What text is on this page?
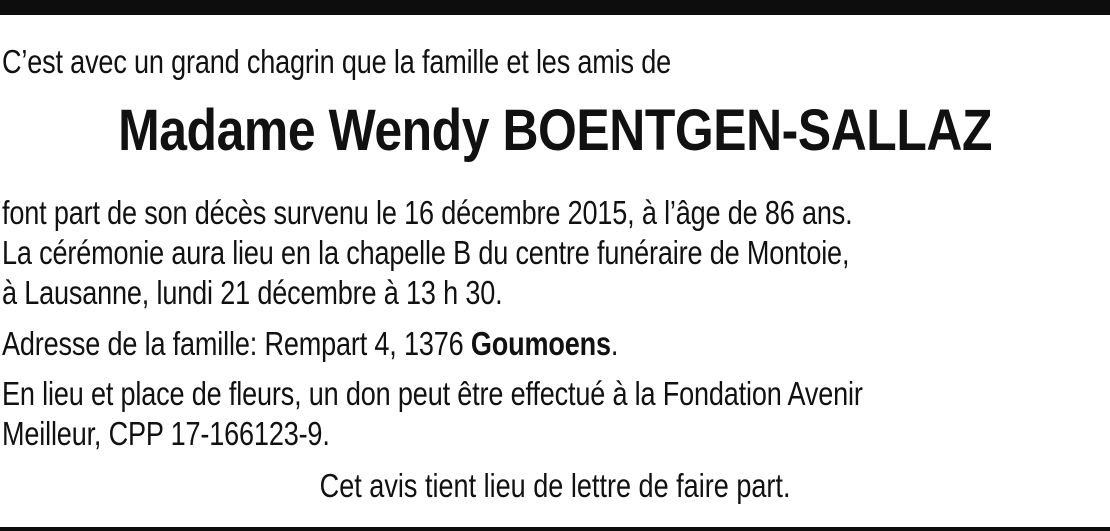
C’est avec un grand chagrin que la famille et les amis de
Madame Wendy BOENTGEN-SALLAZ
font part de son décès survenu le 16 décembre 2015, à l’âge de 86 ans.
La cérémonie aura lieu en la chapelle B du centre funéraire de Montoie,
à Lausanne, lundi 21 décembre à 13 h 30.
Adresse de la famille: Rempart 4, 1376 Goumoens.
En lieu et place de fleurs, un don peut être effectué à la Fondation Avenir
Meilleur, CPP 17-166123-9.
Cet avis tient lieu de lettre de faire part.
